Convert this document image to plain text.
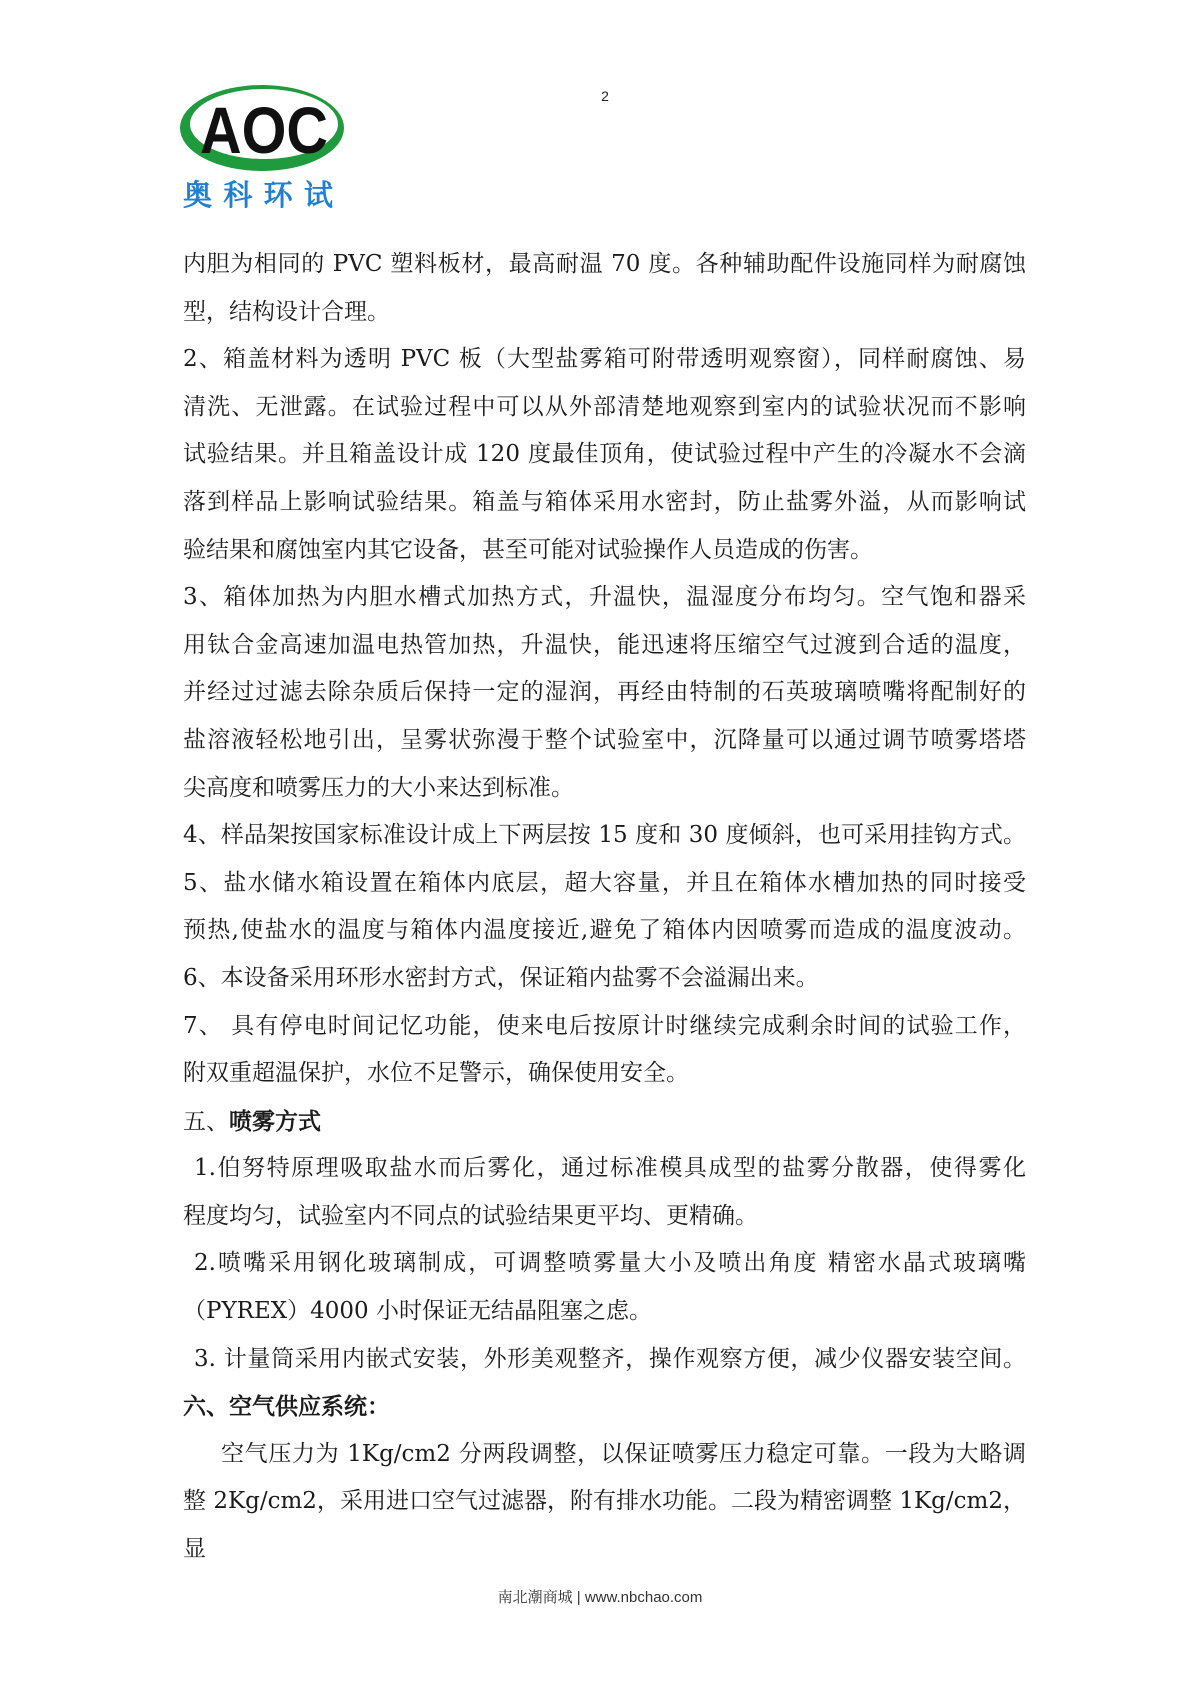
AOC
奥科环试
2
内胆为相同的 PVC 塑料板材，最高耐温 70 度。各种辅助配件设施同样为耐腐蚀
型，结构设计合理。
2、箱盖材料为透明 PVC 板（大型盐雾箱可附带透明观察窗），同样耐腐蚀、易
清洗、无泄露。在试验过程中可以从外部清楚地观察到室内的试验状况而不影响
试验结果。并且箱盖设计成 120 度最佳顶角，使试验过程中产生的冷凝水不会滴
落到样品上影响试验结果。箱盖与箱体采用水密封，防止盐雾外溢，从而影响试
验结果和腐蚀室内其它设备，甚至可能对试验操作人员造成的伤害。
3、箱体加热为内胆水槽式加热方式，升温快，温湿度分布均匀。空气饱和器采
用钛合金高速加温电热管加热，升温快，能迅速将压缩空气过渡到合适的温度，
并经过过滤去除杂质后保持一定的湿润，再经由特制的石英玻璃喷嘴将配制好的
盐溶液轻松地引出，呈雾状弥漫于整个试验室中，沉降量可以通过调节喷雾塔塔
尖高度和喷雾压力的大小来达到标准。
4、样品架按国家标准设计成上下两层按 15 度和 30 度倾斜，也可采用挂钩方式。
5、盐水储水箱设置在箱体内底层，超大容量，并且在箱体水槽加热的同时接受
预热,使盐水的温度与箱体内温度接近,避免了箱体内因喷雾而造成的温度波动。
6、本设备采用环形水密封方式，保证箱内盐雾不会溢漏出来。
7、 具有停电时间记忆功能，使来电后按原计时继续完成剩余时间的试验工作，
附双重超温保护，水位不足警示，确保使用安全。
五、喷雾方式
1.伯努特原理吸取盐水而后雾化，通过标准模具成型的盐雾分散器，使得雾化
程度均匀，试验室内不同点的试验结果更平均、更精确。
2.喷嘴采用钢化玻璃制成，可调整喷雾量大小及喷出角度 精密水晶式玻璃嘴
（PYREX）4000 小时保证无结晶阻塞之虑。
3. 计量筒采用内嵌式安装，外形美观整齐，操作观察方便，减少仪器安装空间。
六、空气供应系统：
空气压力为 1Kg/cm2 分两段调整，以保证喷雾压力稳定可靠。一段为大略调
整 2Kg/cm2，采用进口空气过滤器，附有排水功能。二段为精密调整 1Kg/cm2， 显
南北潮商城 | www.nbchao.com
